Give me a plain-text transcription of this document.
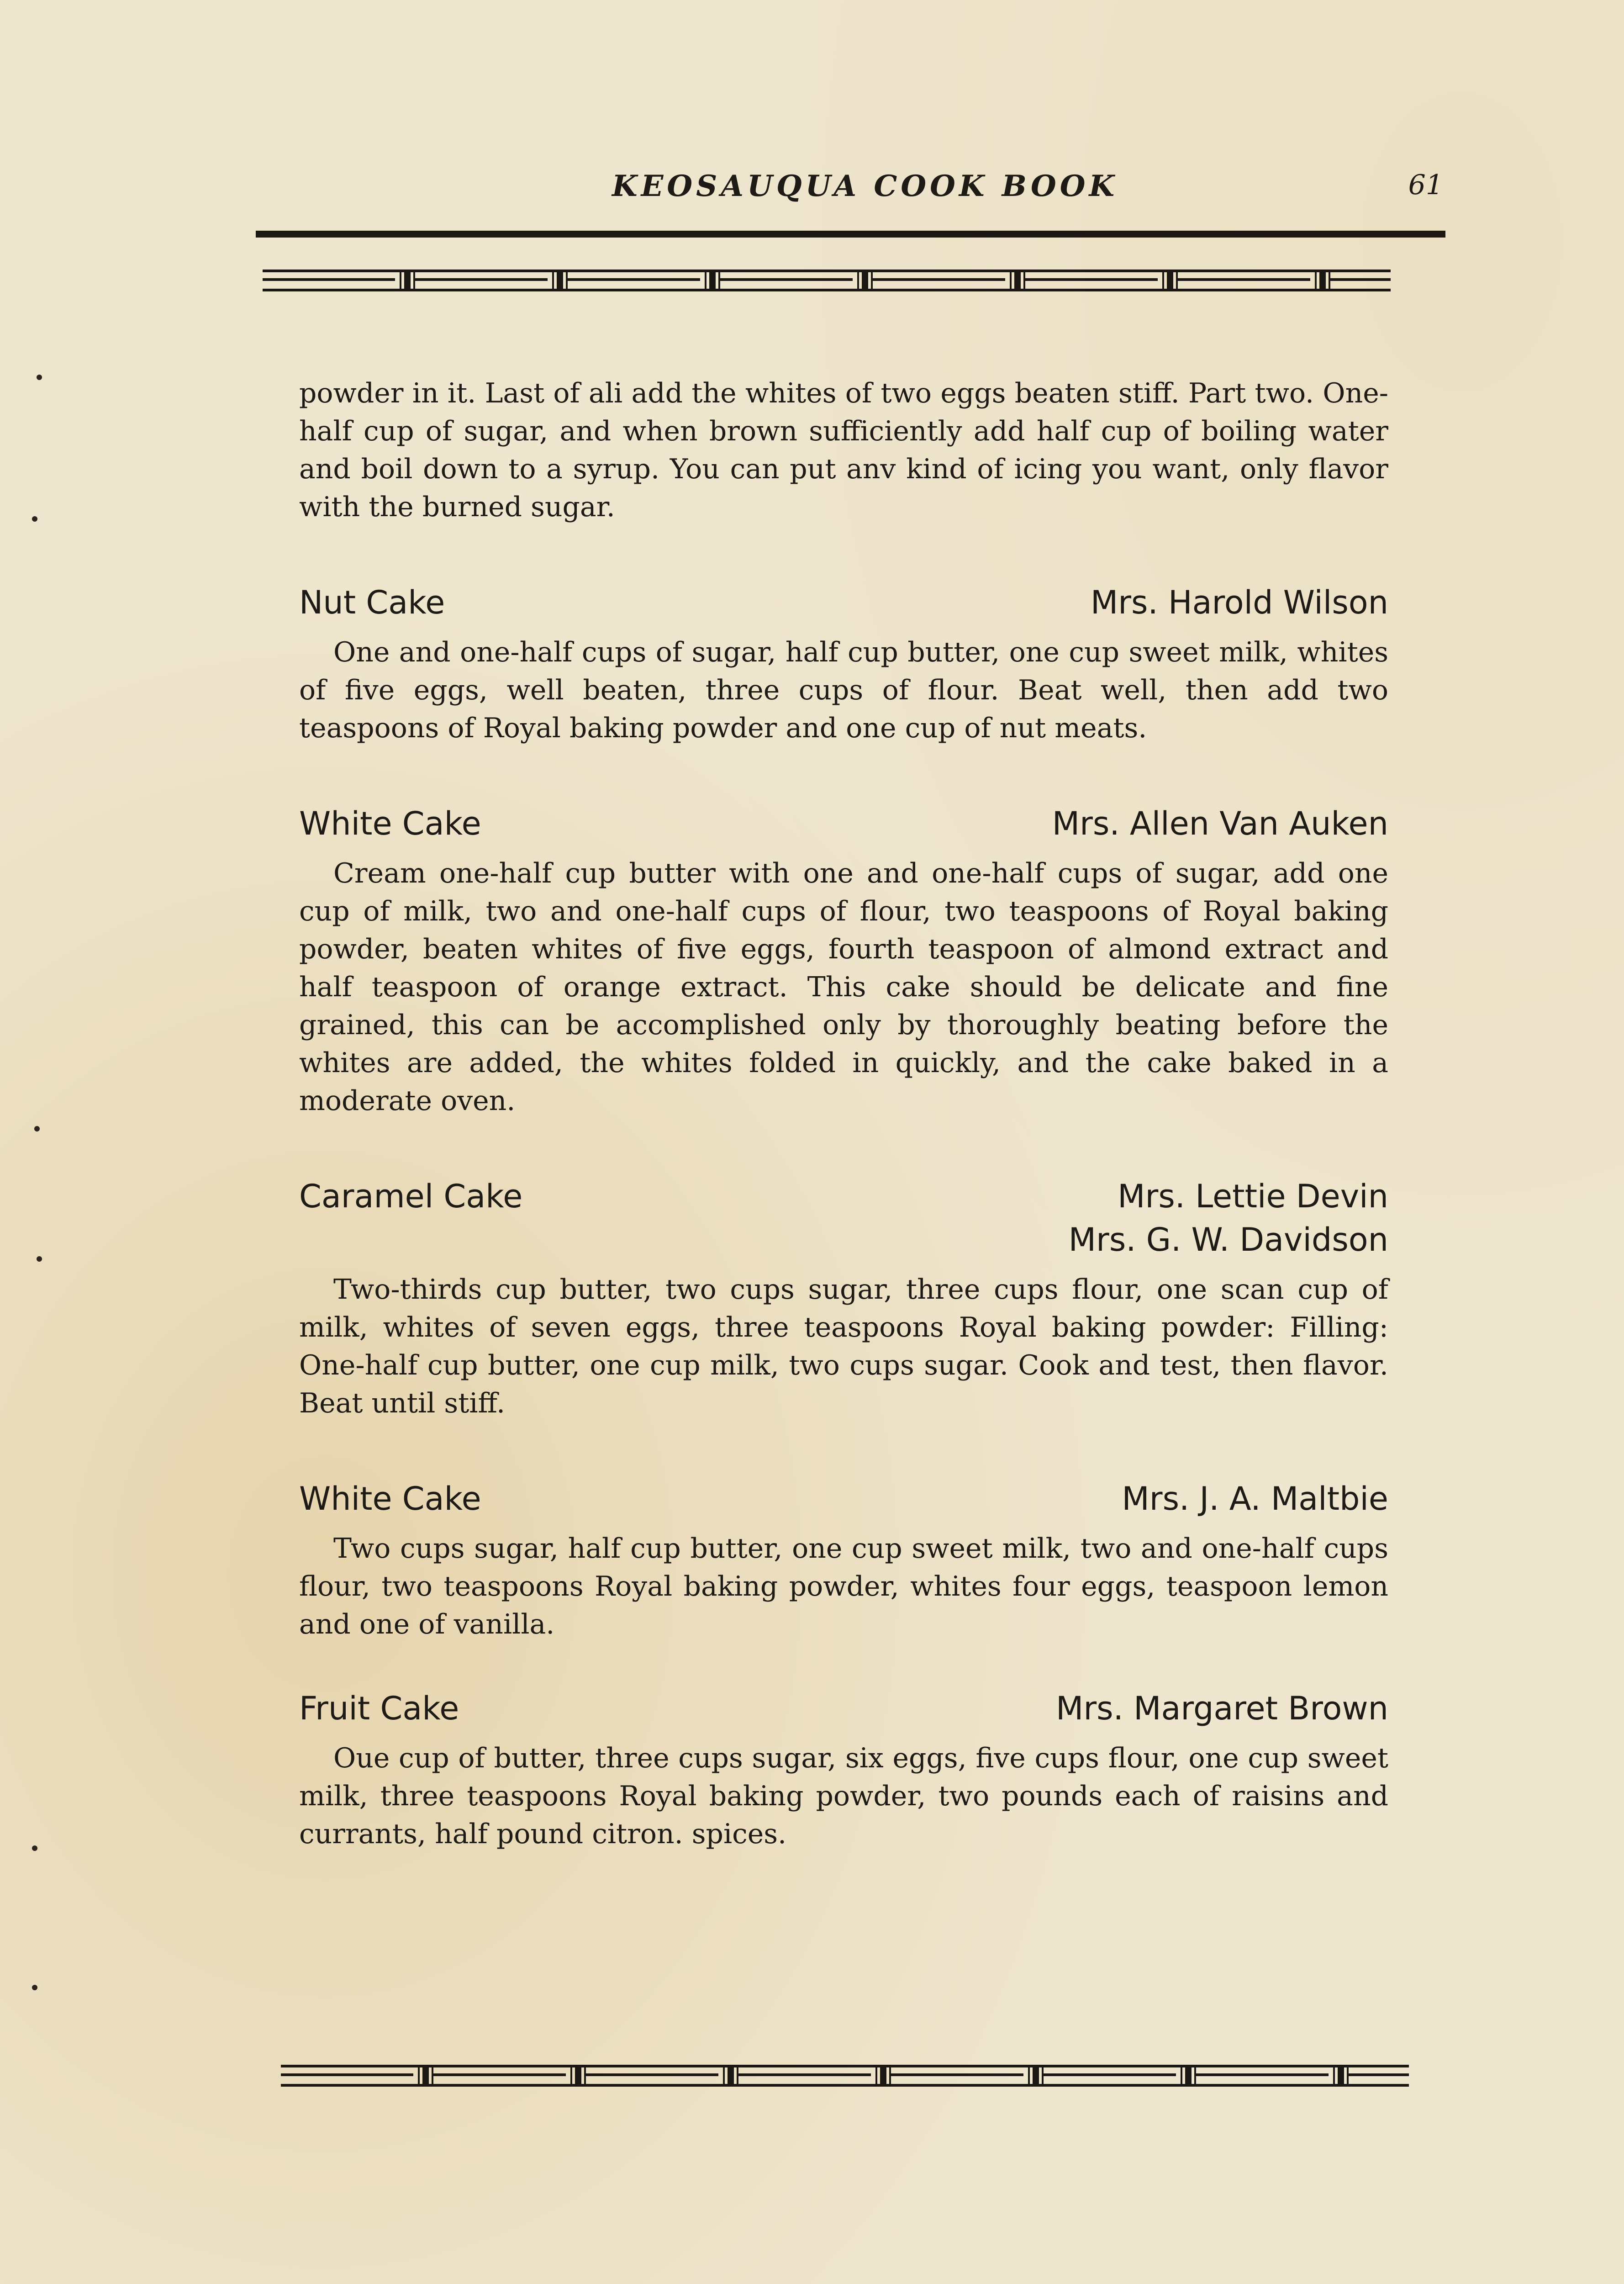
KEOSAUQUA COOK BOOK	61

powder in it. Last of ali add the whites of two eggs beaten stiff. Part two. One-half cup of sugar, and when brown sufficiently add half cup of boiling water and boil down to a syrup. You can put anv kind of icing you want, only flavor with the burned sugar.

Nut Cake	Mrs. Harold Wilson

One and one-half cups of sugar, half cup butter, one cup sweet milk, whites of five eggs, well beaten, three cups of flour. Beat well, then add two teaspoons of Royal baking powder and one cup of nut meats.

White Cake	Mrs. Allen Van Auken

Cream one-half cup butter with one and one-half cups of sugar, add one cup of milk, two and one-half cups of flour, two teaspoons of Royal baking powder, beaten whites of five eggs, fourth teaspoon of almond extract and half teaspoon of orange extract. This cake should be delicate and fine grained, this can be accomplished only by thoroughly beating before the whites are added, the whites folded in quickly, and the cake baked in a moderate oven.

Caramel Cake	Mrs. Lettie Devin
Mrs. G. W. Davidson

Two-thirds cup butter, two cups sugar, three cups flour, one scan cup of milk, whites of seven eggs, three teaspoons Royal baking powder: Filling: One-half cup butter, one cup milk, two cups sugar. Cook and test, then flavor. Beat until stiff.

White Cake	Mrs. J. A. Maltbie

Two cups sugar, half cup butter, one cup sweet milk, two and one-half cups flour, two teaspoons Royal baking powder, whites four eggs, teaspoon lemon and one of vanilla.

Fruit Cake	Mrs. Margaret Brown

Oue cup of butter, three cups sugar, six eggs, five cups flour, one cup sweet milk, three teaspoons Royal baking powder, two pounds each of raisins and currants, half pound citron. spices.
